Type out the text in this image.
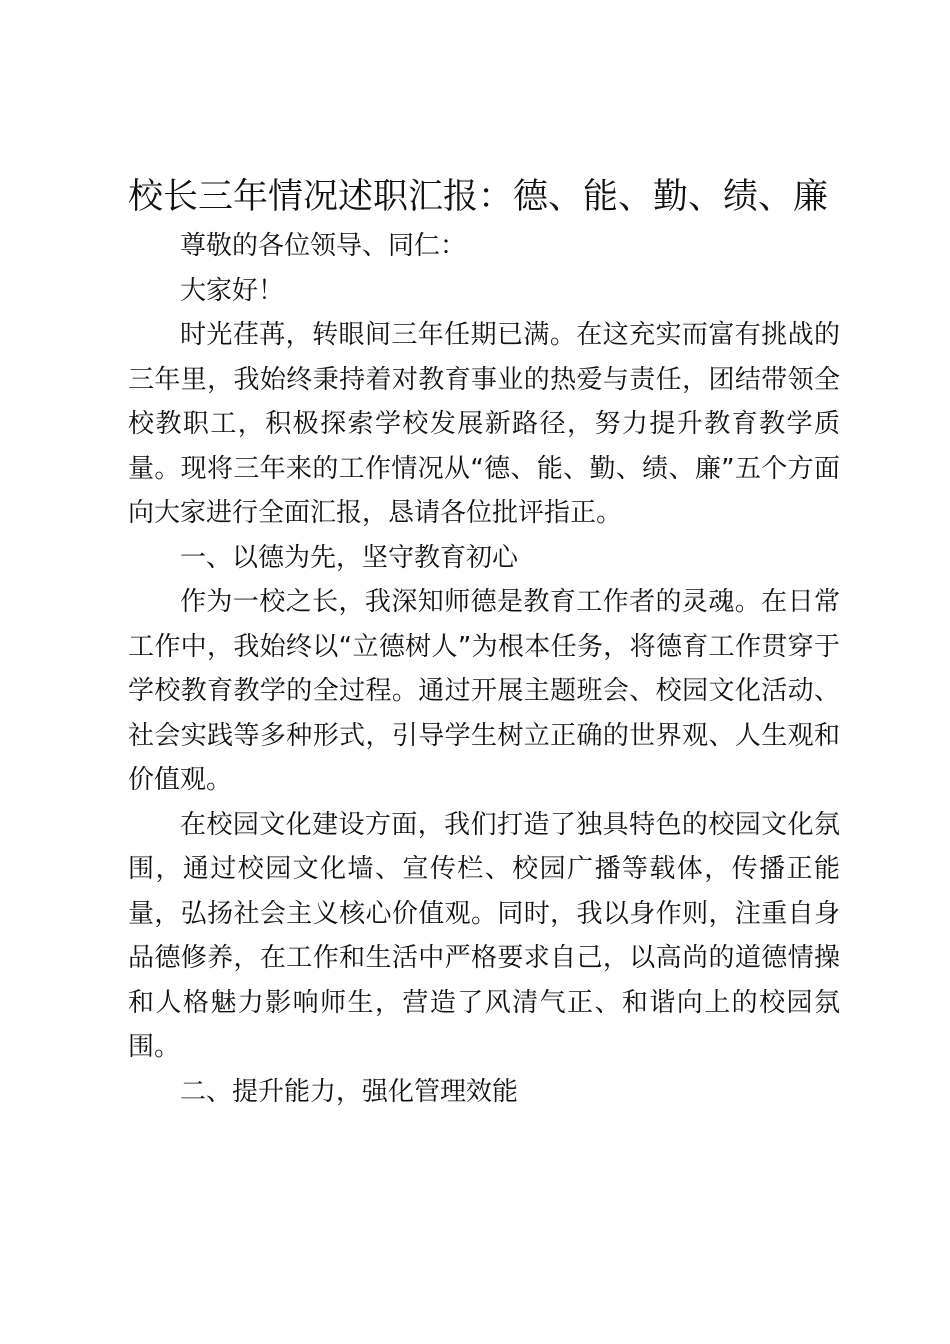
校长三年情况述职汇报：德、能、勤、绩、廉

尊敬的各位领导、同仁：

大家好！

时光荏苒，转眼间三年任期已满。在这充实而富有挑战的三年里，我始终秉持着对教育事业的热爱与责任，团结带领全校教职工，积极探索学校发展新路径，努力提升教育教学质量。现将三年来的工作情况从“德、能、勤、绩、廉”五个方面向大家进行全面汇报，恳请各位批评指正。

一、以德为先，坚守教育初心

作为一校之长，我深知师德是教育工作者的灵魂。在日常工作中，我始终以“立德树人”为根本任务，将德育工作贯穿于学校教育教学的全过程。通过开展主题班会、校园文化活动、社会实践等多种形式，引导学生树立正确的世界观、人生观和价值观。

在校园文化建设方面，我们打造了独具特色的校园文化氛围，通过校园文化墙、宣传栏、校园广播等载体，传播正能量，弘扬社会主义核心价值观。同时，我以身作则，注重自身品德修养，在工作和生活中严格要求自己，以高尚的道德情操和人格魅力影响师生，营造了风清气正、和谐向上的校园氛围。

二、提升能力，强化管理效能
